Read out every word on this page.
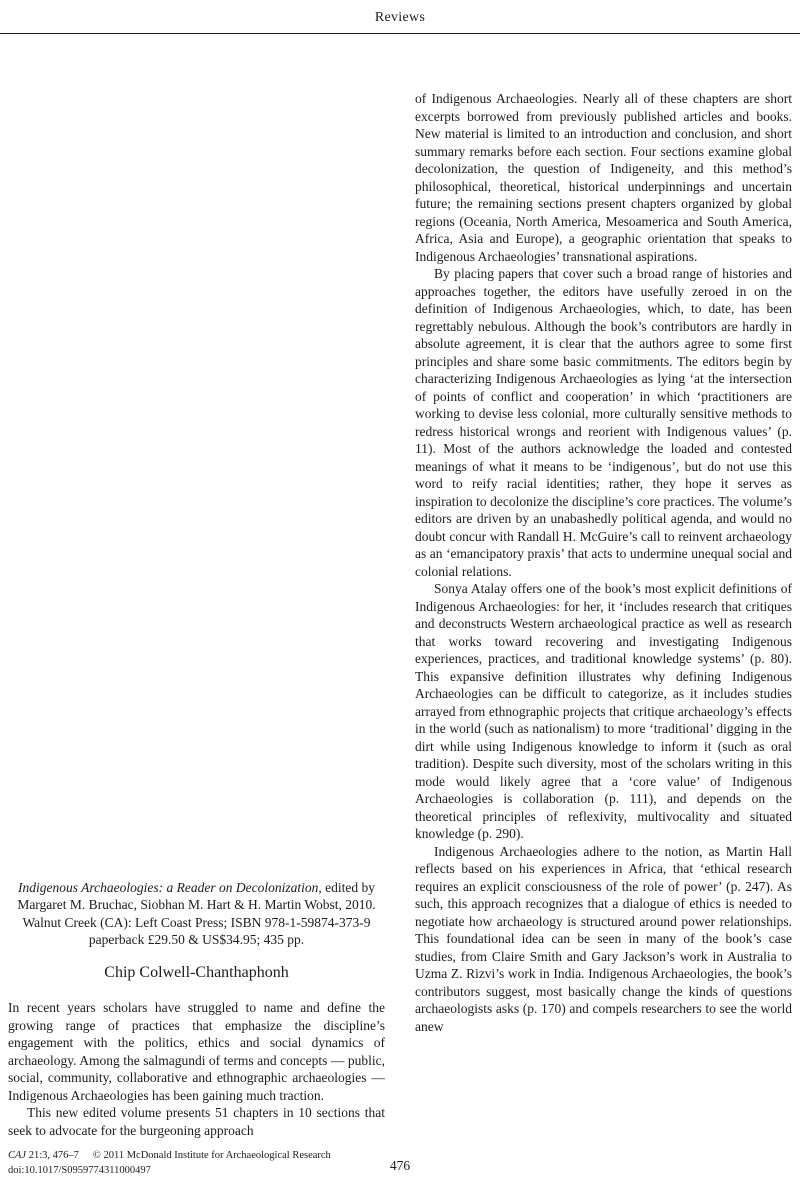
Reviews

Indigenous Archaeologies: a Reader on Decolonization, edited by Margaret M. Bruchac, Siobhan M. Hart & H. Martin Wobst, 2010. Walnut Creek (CA): Left Coast Press; ISBN 978-1-59874-373-9 paperback £29.50 & US$34.95; 435 pp.

Chip Colwell-Chanthaphonh

In recent years scholars have struggled to name and define the growing range of practices that emphasize the discipline’s engagement with the politics, ethics and social dynamics of archaeology. Among the salmagundi of terms and concepts — public, social, community, collaborative and ethnographic archaeologies — Indigenous Archaeologies has been gaining much traction.

This new edited volume presents 51 chapters in 10 sections that seek to advocate for the burgeoning approach

CAJ 21:3, 476–7 © 2011 McDonald Institute for Archaeological Research
doi:10.1017/S0959774311000497

of Indigenous Archaeologies. Nearly all of these chapters are short excerpts borrowed from previously published articles and books. New material is limited to an introduction and conclusion, and short summary remarks before each section. Four sections examine global decolonization, the question of Indigeneity, and this method’s philosophical, theoretical, historical underpinnings and uncertain future; the remaining sections present chapters organized by global regions (Oceania, North America, Mesoamerica and South America, Africa, Asia and Europe), a geographic orientation that speaks to Indigenous Archaeologies’ transnational aspirations.

By placing papers that cover such a broad range of histories and approaches together, the editors have usefully zeroed in on the definition of Indigenous Archaeologies, which, to date, has been regrettably nebulous. Although the book’s contributors are hardly in absolute agreement, it is clear that the authors agree to some first principles and share some basic commitments. The editors begin by characterizing Indigenous Archaeologies as lying ‘at the intersection of points of conflict and cooperation’ in which ‘practitioners are working to devise less colonial, more culturally sensitive methods to redress historical wrongs and reorient with Indigenous values’ (p. 11). Most of the authors acknowledge the loaded and contested meanings of what it means to be ‘indigenous’, but do not use this word to reify racial identities; rather, they hope it serves as inspiration to decolonize the discipline’s core practices. The volume’s editors are driven by an unabashedly political agenda, and would no doubt concur with Randall H. McGuire’s call to reinvent archaeology as an ‘emancipatory praxis’ that acts to undermine unequal social and colonial relations.

Sonya Atalay offers one of the book’s most explicit definitions of Indigenous Archaeologies: for her, it ‘includes research that critiques and deconstructs Western archaeological practice as well as research that works toward recovering and investigating Indigenous experiences, practices, and traditional knowledge systems’ (p. 80). This expansive definition illustrates why defining Indigenous Archaeologies can be difficult to categorize, as it includes studies arrayed from ethnographic projects that critique archaeology’s effects in the world (such as nationalism) to more ‘traditional’ digging in the dirt while using Indigenous knowledge to inform it (such as oral tradition). Despite such diversity, most of the scholars writing in this mode would likely agree that a ‘core value’ of Indigenous Archaeologies is collaboration (p. 111), and depends on the theoretical principles of reflexivity, multivocality and situated knowledge (p. 290).

Indigenous Archaeologies adhere to the notion, as Martin Hall reflects based on his experiences in Africa, that ‘ethical research requires an explicit consciousness of the role of power’ (p. 247). As such, this approach recognizes that a dialogue of ethics is needed to negotiate how archaeology is structured around power relationships. This foundational idea can be seen in many of the book’s case studies, from Claire Smith and Gary Jackson’s work in Australia to Uzma Z. Rizvi’s work in India. Indigenous Archaeologies, the book’s contributors suggest, most basically change the kinds of questions archaeologists asks (p. 170) and compels researchers to see the world anew

476
